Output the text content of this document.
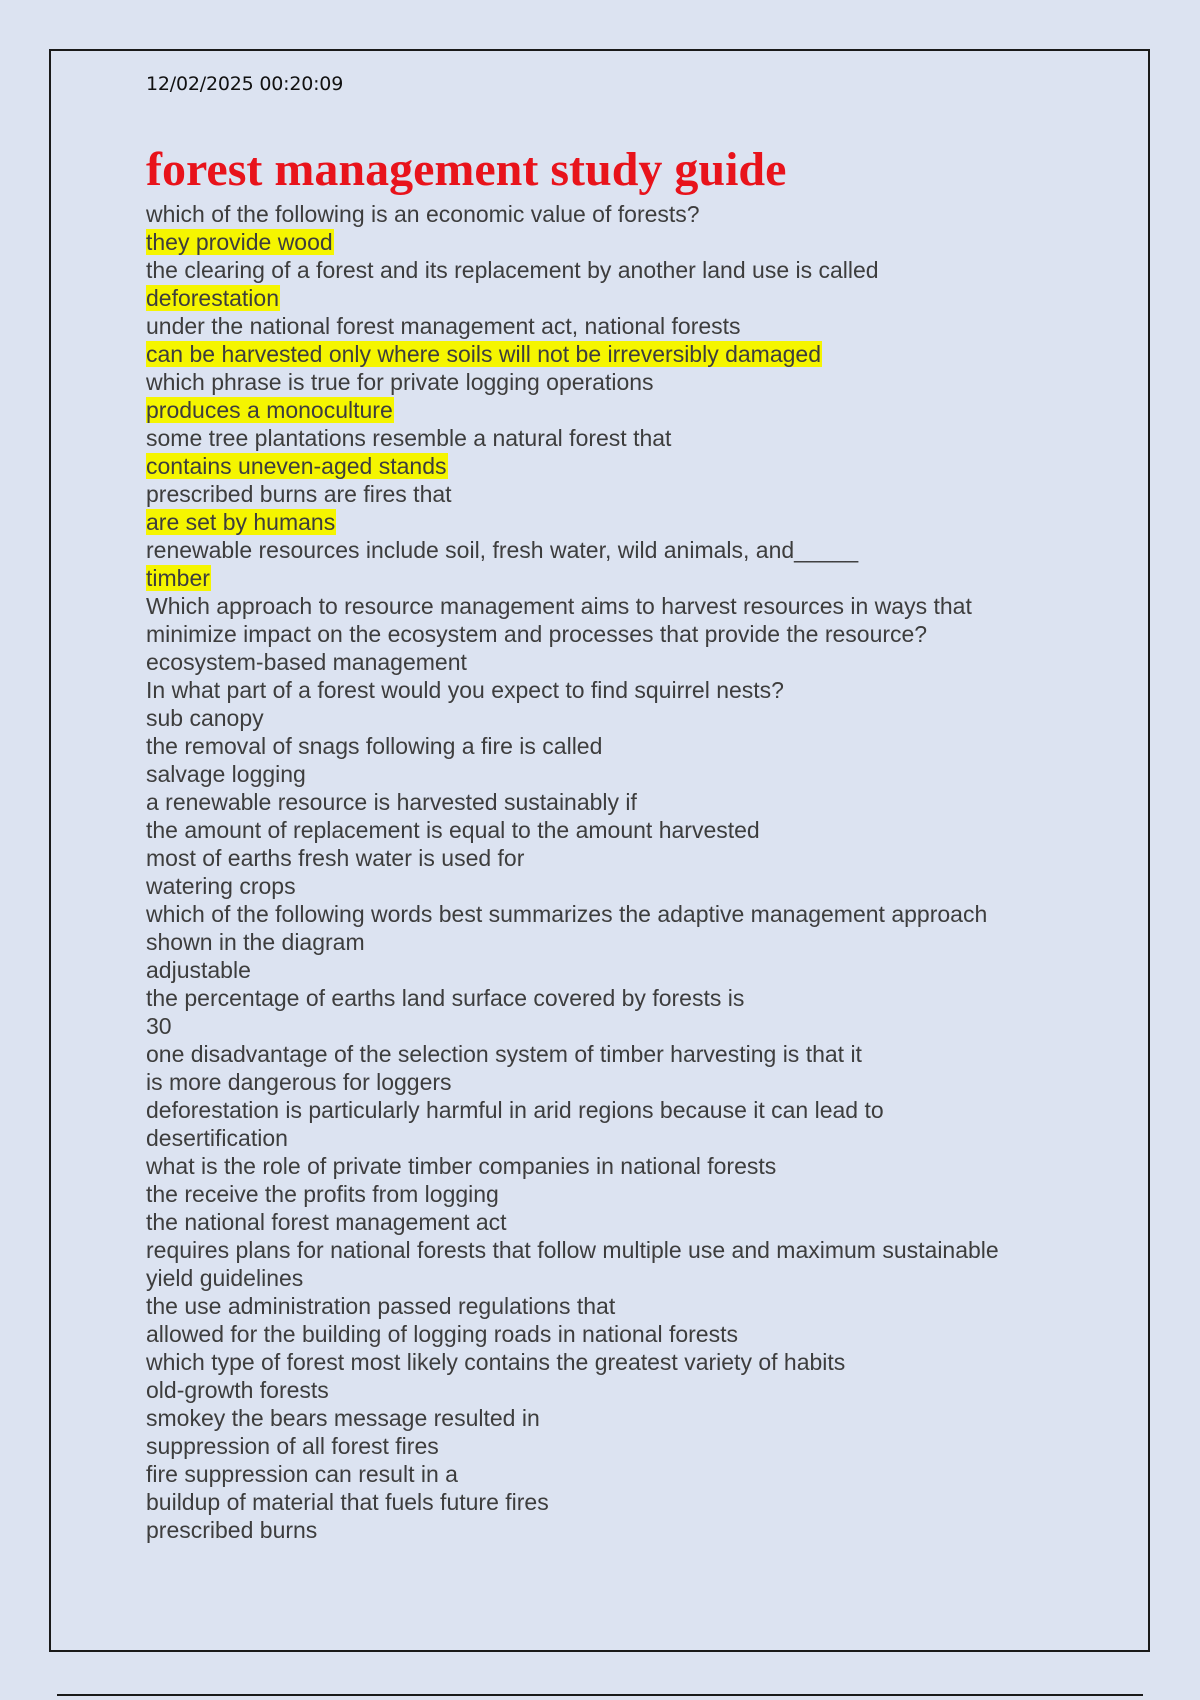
12/02/2025 00:20:09
forest management study guide
which of the following is an economic value of forests?
they provide wood
the clearing of a forest and its replacement by another land use is called
deforestation
under the national forest management act, national forests
can be harvested only where soils will not be irreversibly damaged
which phrase is true for private logging operations
produces a monoculture
some tree plantations resemble a natural forest that
contains uneven-aged stands
prescribed burns are fires that
are set by humans
renewable resources include soil, fresh water, wild animals, and_____
timber
Which approach to resource management aims to harvest resources in ways that
minimize impact on the ecosystem and processes that provide the resource?
ecosystem-based management
In what part of a forest would you expect to find squirrel nests?
sub canopy
the removal of snags following a fire is called
salvage logging
a renewable resource is harvested sustainably if
the amount of replacement is equal to the amount harvested
most of earths fresh water is used for
watering crops
which of the following words best summarizes the adaptive management approach
shown in the diagram
adjustable
the percentage of earths land surface covered by forests is
30
one disadvantage of the selection system of timber harvesting is that it
is more dangerous for loggers
deforestation is particularly harmful in arid regions because it can lead to
desertification
what is the role of private timber companies in national forests
the receive the profits from logging
the national forest management act
requires plans for national forests that follow multiple use and maximum sustainable
yield guidelines
the use administration passed regulations that
allowed for the building of logging roads in national forests
which type of forest most likely contains the greatest variety of habits
old-growth forests
smokey the bears message resulted in
suppression of all forest fires
fire suppression can result in a
buildup of material that fuels future fires
prescribed burns
